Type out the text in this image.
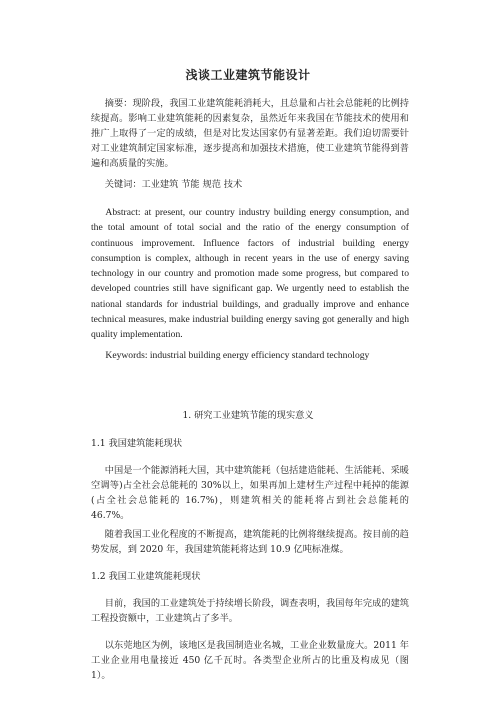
浅谈工业建筑节能设计
摘要：现阶段，我国工业建筑能耗消耗大，且总量和占社会总能耗的比例持续提高。影响工业建筑能耗的因素复杂，虽然近年来我国在节能技术的使用和推广上取得了一定的成绩，但是对比发达国家仍有显著差距。我们迫切需要针对工业建筑制定国家标准，逐步提高和加强技术措施，使工业建筑节能得到普遍和高质量的实施。
关键词：工业建筑 节能 规范 技术
Abstract: at present, our country industry building energy consumption, and the total amount of total social and the ratio of the energy consumption of continuous improvement. Influence factors of industrial building energy consumption is complex, although in recent years in the use of energy saving technology in our country and promotion made some progress, but compared to developed countries still have significant gap. We urgently need to establish the national standards for industrial buildings, and gradually improve and enhance technical measures, make industrial building energy saving got generally and high quality implementation.
Keywords: industrial building energy efficiency standard technology
1. 研究工业建筑节能的现实意义
1.1 我国建筑能耗现状
中国是一个能源消耗大国，其中建筑能耗（包括建造能耗、生活能耗、采暖空调等)占全社会总能耗的 30%以上，如果再加上建材生产过程中耗掉的能源(占全社会总能耗的 16.7%)，则建筑相关的能耗将占到社会总能耗的 46.7%。
随着我国工业化程度的不断提高，建筑能耗的比例将继续提高。按目前的趋势发展，到 2020 年，我国建筑能耗将达到 10.9 亿吨标准煤。
1.2 我国工业建筑能耗现状
目前，我国的工业建筑处于持续增长阶段，调查表明，我国每年完成的建筑工程投资额中，工业建筑占了多半。
以东莞地区为例，该地区是我国制造业名城，工业企业数量庞大。2011 年工业企业用电量接近 450 亿千瓦时。各类型企业所占的比重及构成见（图 1）。
